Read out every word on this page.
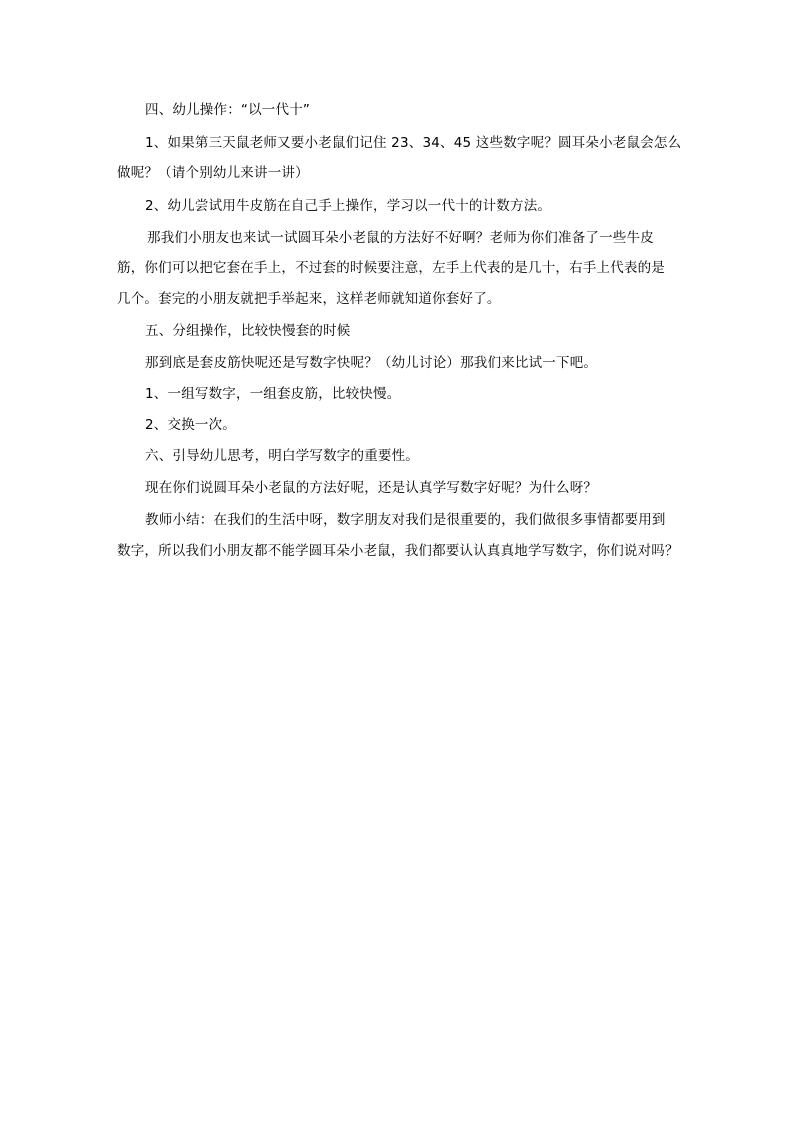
四、幼儿操作：“以一代十”
1、如果第三天鼠老师又要小老鼠们记住 23、34、45 这些数字呢？圆耳朵小老鼠会怎么
做呢？（请个别幼儿来讲一讲）
2、幼儿尝试用牛皮筋在自己手上操作，学习以一代十的计数方法。
那我们小朋友也来试一试圆耳朵小老鼠的方法好不好啊？老师为你们准备了一些牛皮
筋，你们可以把它套在手上，不过套的时候要注意，左手上代表的是几十，右手上代表的是
几个。套完的小朋友就把手举起来，这样老师就知道你套好了。
五、分组操作，比较快慢套的时候
那到底是套皮筋快呢还是写数字快呢？（幼儿讨论）那我们来比试一下吧。
1、一组写数字，一组套皮筋，比较快慢。
2、交换一次。
六、引导幼儿思考，明白学写数字的重要性。
现在你们说圆耳朵小老鼠的方法好呢，还是认真学写数字好呢？为什么呀？
教师小结：在我们的生活中呀，数字朋友对我们是很重要的，我们做很多事情都要用到
数字，所以我们小朋友都不能学圆耳朵小老鼠，我们都要认认真真地学写数字，你们说对吗？
